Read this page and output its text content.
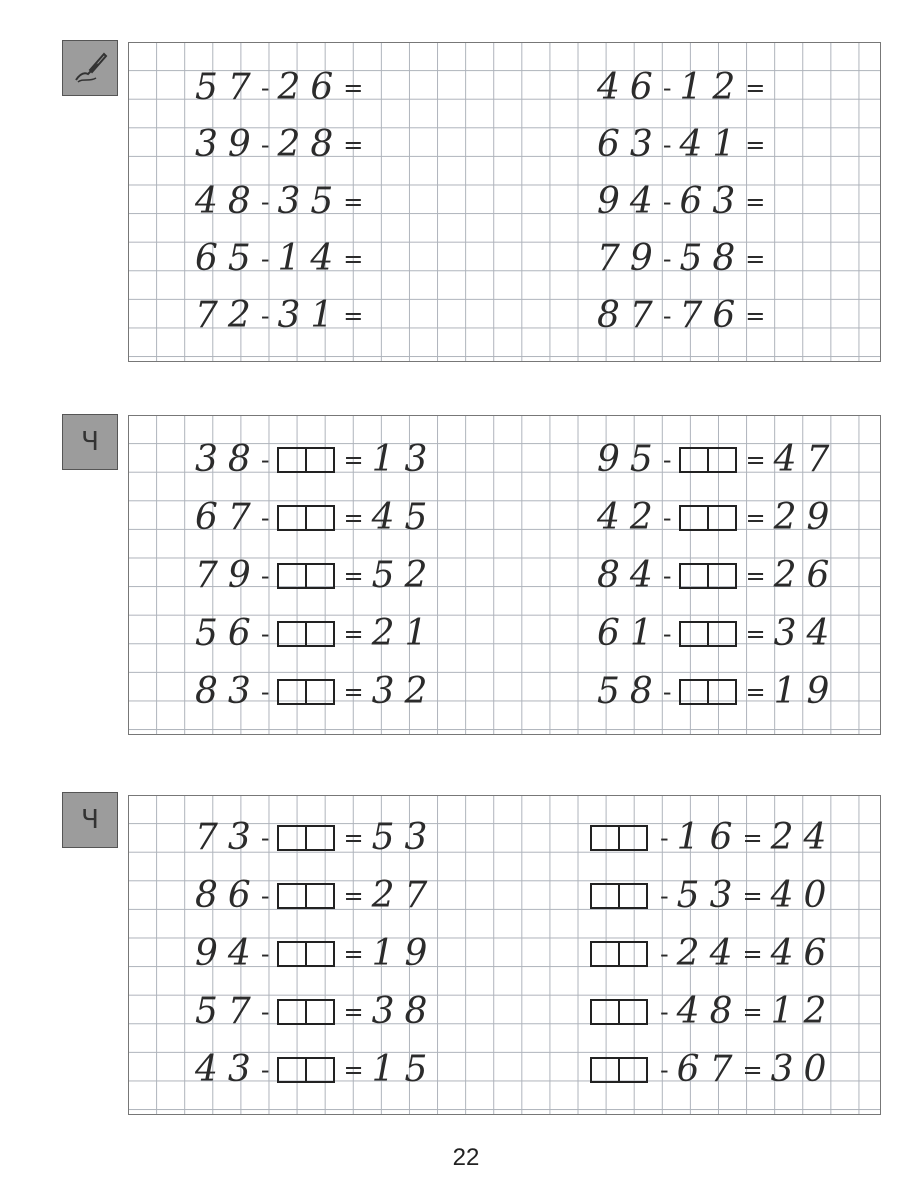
57 - 26 =
39 - 28 =
48 - 35 =
65 - 14 =
72 - 31 =
46 - 12 =
63 - 41 =
94 - 63 =
79 - 58 =
87 - 76 =
Ч	38 -	= 13
67 -	= 45
79 -	= 52
56 -	= 21
83 -	= 32
95 -	= 47
42 -	= 29
84 -	= 26
61 -	= 34
58 -	= 19
Ч	73 -	= 53
86 -	= 27
94 -	= 19
57 -	= 38
43 -	= 15
- 16 = 24
- 53 = 40
- 24 = 46
- 48 = 12
- 67 = 30
22
